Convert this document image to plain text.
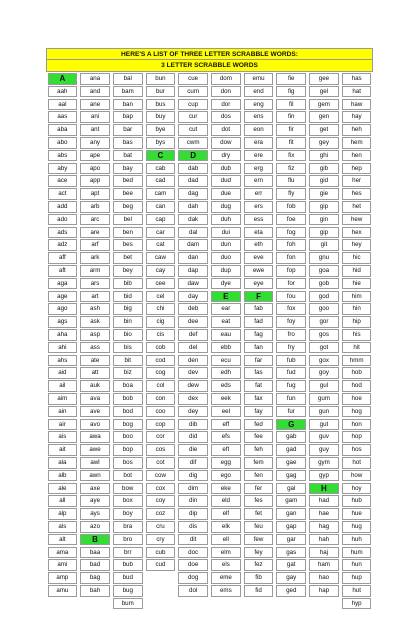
HERE'S A LIST OF THREE LETTER SCRABBLE WORDS:
3 LETTER SCRABBLE WORDS
A
aah
aal
aas
aba
abo
abs
aby
ace
act
add
ado
ads
adz
aff
aft
aga
age
ago
ags
aha
ahi
ahs
aid
ail
aim
ain
air
ais
ait
ala
alb
ale
all
alp
als
alt
ama
ami
amp
amu
ana
and
ane
ani
ant
any
ape
apo
app
apt
arb
arc
are
arf
ark
arm
ars
art
ash
ask
asp
ass
ate
att
auk
ava
ave
avo
awa
awe
awl
awn
axe
aye
ays
azo
B
baa
bad
bag
bah
bal
bam
ban
bap
bar
bas
bat
bay
bed
bee
beg
bel
ben
bes
bet
bey
bib
bid
big
bin
bio
bis
bit
biz
boa
bob
bod
bog
boo
bop
bos
bot
bow
box
boy
bra
bro
brr
bub
bud
bug
bum
bun
bur
bus
buy
bye
bys
C
cab
cad
cam
can
cap
car
cat
caw
cay
cee
cel
chi
cig
cis
cob
cod
cog
col
con
coo
cop
cor
cos
cot
cow
cox
coy
coz
cru
cry
cub
cud
cue
cum
cup
cur
cut
cwm
D
dab
dad
dag
dah
dak
dal
dam
dan
dap
daw
day
deb
dee
def
del
den
dev
dew
dex
dey
dib
did
die
dif
dig
dim
din
dip
dis
dit
doc
doe
dog
dol
dom
don
dor
dos
dot
dow
dry
dub
dud
due
dug
duh
dui
dun
duo
dup
dye
E
ear
eat
eau
ebb
ecu
edh
eds
eek
eel
eff
efs
eft
egg
ego
eke
eld
elf
elk
ell
elm
els
eme
ems
emu
end
eng
ens
eon
era
ere
erg
ern
err
ers
ess
eta
eth
eve
ewe
eye
F
fab
fad
fag
fan
far
fas
fat
fax
fay
fed
fee
feh
fem
fen
fer
fes
fet
feu
few
fey
fez
fib
fid
fie
fig
fil
fin
fir
fit
fix
fiz
flu
fly
fob
foe
fog
foh
fon
fop
for
fou
fox
foy
fro
fry
fub
fud
fug
fun
fur
G
gab
gad
gae
gag
gal
gam
gan
gap
gar
gas
gat
gay
ged
gee
gel
gem
gen
get
gey
ghi
gib
gid
gie
gip
gin
gip
git
gnu
goa
gob
god
goo
gor
gos
got
gox
goy
gul
gum
gun
gut
guv
guy
gym
gyp
H
had
hae
hag
hah
haj
ham
hao
hap
has
hat
haw
hay
heh
hem
hen
hep
her
hes
het
hew
hex
hey
hic
hid
hie
him
hin
hip
his
hit
hmm
hob
hod
hoe
hog
hon
hop
hos
hot
how
hoy
hub
hue
hug
huh
hum
hun
hup
hut
hyp
